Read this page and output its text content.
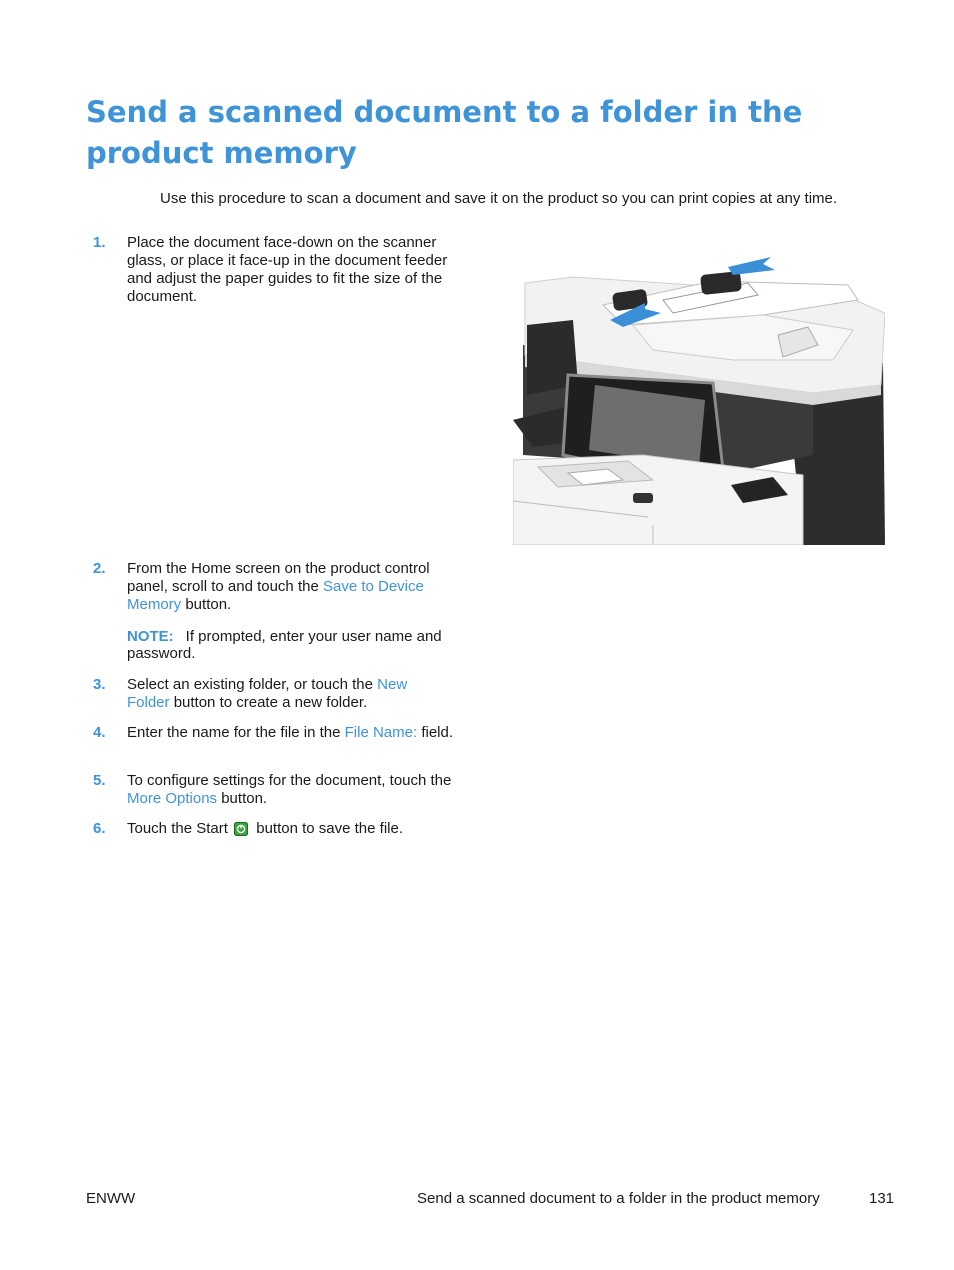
Send a scanned document to a folder in the product memory

Use this procedure to scan a document and save it on the product so you can print copies at any time.

1.	Place the document face-down on the scanner glass, or place it face-up in the document feeder and adjust the paper guides to fit the size of the document.
2.	From the Home screen on the product control panel, scroll to and touch the Save to Device Memory button.
NOTE: If prompted, enter your user name and password.
3.	Select an existing folder, or touch the New Folder button to create a new folder.
4.	Enter the name for the file in the File Name: field.
5.	To configure settings for the document, touch the More Options button.
6.	Touch the Start  button to save the file.
ENWW	Send a scanned document to a folder in the product memory	131
